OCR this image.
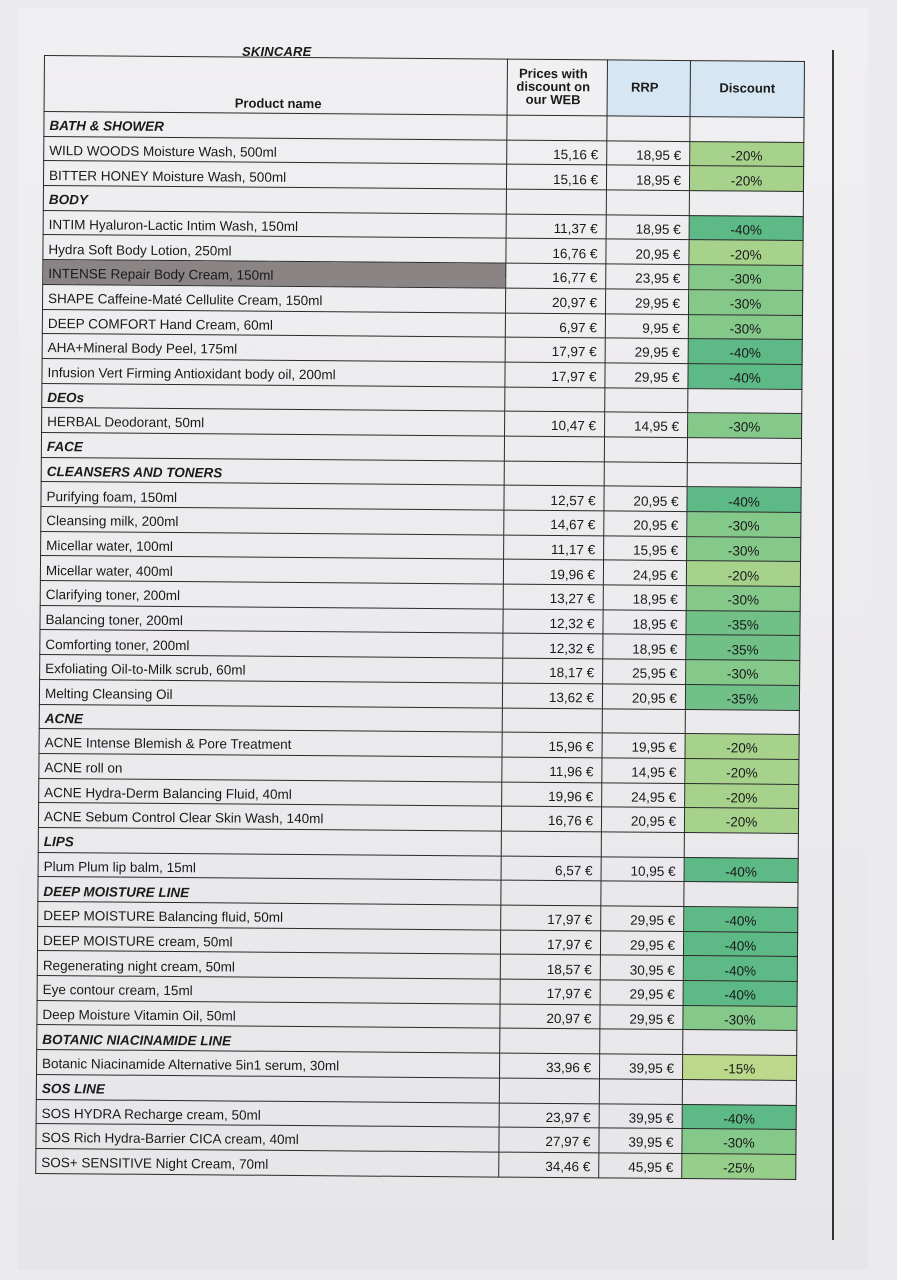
SKINCARE
Product name	Prices with discount on our WEB	RRP	Discount
BATH & SHOWER			
WILD WOODS Moisture Wash, 500ml	15,16 €	18,95 €	-20%
BITTER HONEY Moisture Wash, 500ml	15,16 €	18,95 €	-20%
BODY			
INTIM Hyaluron-Lactic Intim Wash, 150ml	11,37 €	18,95 €	-40%
Hydra Soft Body Lotion, 250ml	16,76 €	20,95 €	-20%
INTENSE Repair Body Cream, 150ml	16,77 €	23,95 €	-30%
SHAPE Caffeine-Maté Cellulite Cream, 150ml	20,97 €	29,95 €	-30%
DEEP COMFORT Hand Cream, 60ml	6,97 €	9,95 €	-30%
AHA+Mineral Body Peel, 175ml	17,97 €	29,95 €	-40%
Infusion Vert Firming Antioxidant body oil, 200ml	17,97 €	29,95 €	-40%
DEOs			
HERBAL Deodorant, 50ml	10,47 €	14,95 €	-30%
FACE			
CLEANSERS AND TONERS			
Purifying foam, 150ml	12,57 €	20,95 €	-40%
Cleansing milk, 200ml	14,67 €	20,95 €	-30%
Micellar water, 100ml	11,17 €	15,95 €	-30%
Micellar water, 400ml	19,96 €	24,95 €	-20%
Clarifying toner, 200ml	13,27 €	18,95 €	-30%
Balancing toner, 200ml	12,32 €	18,95 €	-35%
Comforting toner, 200ml	12,32 €	18,95 €	-35%
Exfoliating Oil-to-Milk scrub, 60ml	18,17 €	25,95 €	-30%
Melting Cleansing Oil	13,62 €	20,95 €	-35%
ACNE			
ACNE Intense Blemish & Pore Treatment	15,96 €	19,95 €	-20%
ACNE roll on	11,96 €	14,95 €	-20%
ACNE Hydra-Derm Balancing Fluid, 40ml	19,96 €	24,95 €	-20%
ACNE Sebum Control Clear Skin Wash, 140ml	16,76 €	20,95 €	-20%
LIPS			
Plum Plum lip balm, 15ml	6,57 €	10,95 €	-40%
DEEP MOISTURE LINE			
DEEP MOISTURE Balancing fluid, 50ml	17,97 €	29,95 €	-40%
DEEP MOISTURE cream, 50ml	17,97 €	29,95 €	-40%
Regenerating night cream, 50ml	18,57 €	30,95 €	-40%
Eye contour cream, 15ml	17,97 €	29,95 €	-40%
Deep Moisture Vitamin Oil, 50ml	20,97 €	29,95 €	-30%
BOTANIC NIACINAMIDE LINE			
Botanic Niacinamide Alternative 5in1 serum, 30ml	33,96 €	39,95 €	-15%
SOS LINE			
SOS HYDRA Recharge cream, 50ml	23,97 €	39,95 €	-40%
SOS Rich Hydra-Barrier CICA cream, 40ml	27,97 €	39,95 €	-30%
SOS+ SENSITIVE Night Cream, 70ml	34,46 €	45,95 €	-25%
